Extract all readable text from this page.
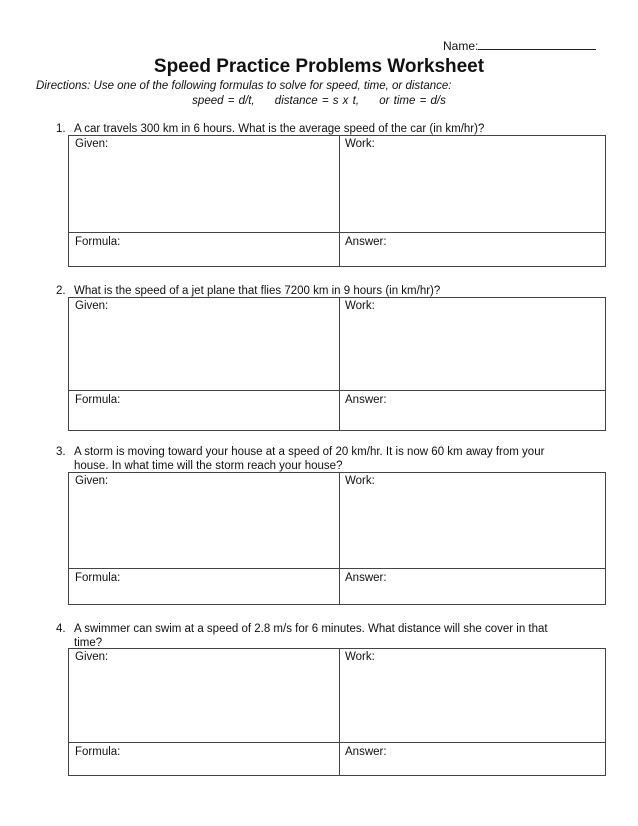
Name:
Speed Practice Problems Worksheet
Directions: Use one of the following formulas to solve for speed, time, or distance:
speed = d/t, distance = s x t, or time = d/s
1. A car travels 300 km in 6 hours. What is the average speed of the car (in km/hr)?
Given:	Work:
Formula:	Answer:
2. What is the speed of a jet plane that flies 7200 km in 9 hours (in km/hr)?
Given:	Work:
Formula:	Answer:
3. A storm is moving toward your house at a speed of 20 km/hr. It is now 60 km away from your
house. In what time will the storm reach your house?
Given:	Work:
Formula:	Answer:
4. A swimmer can swim at a speed of 2.8 m/s for 6 minutes. What distance will she cover in that
time?
Given:	Work:
Formula:	Answer:
